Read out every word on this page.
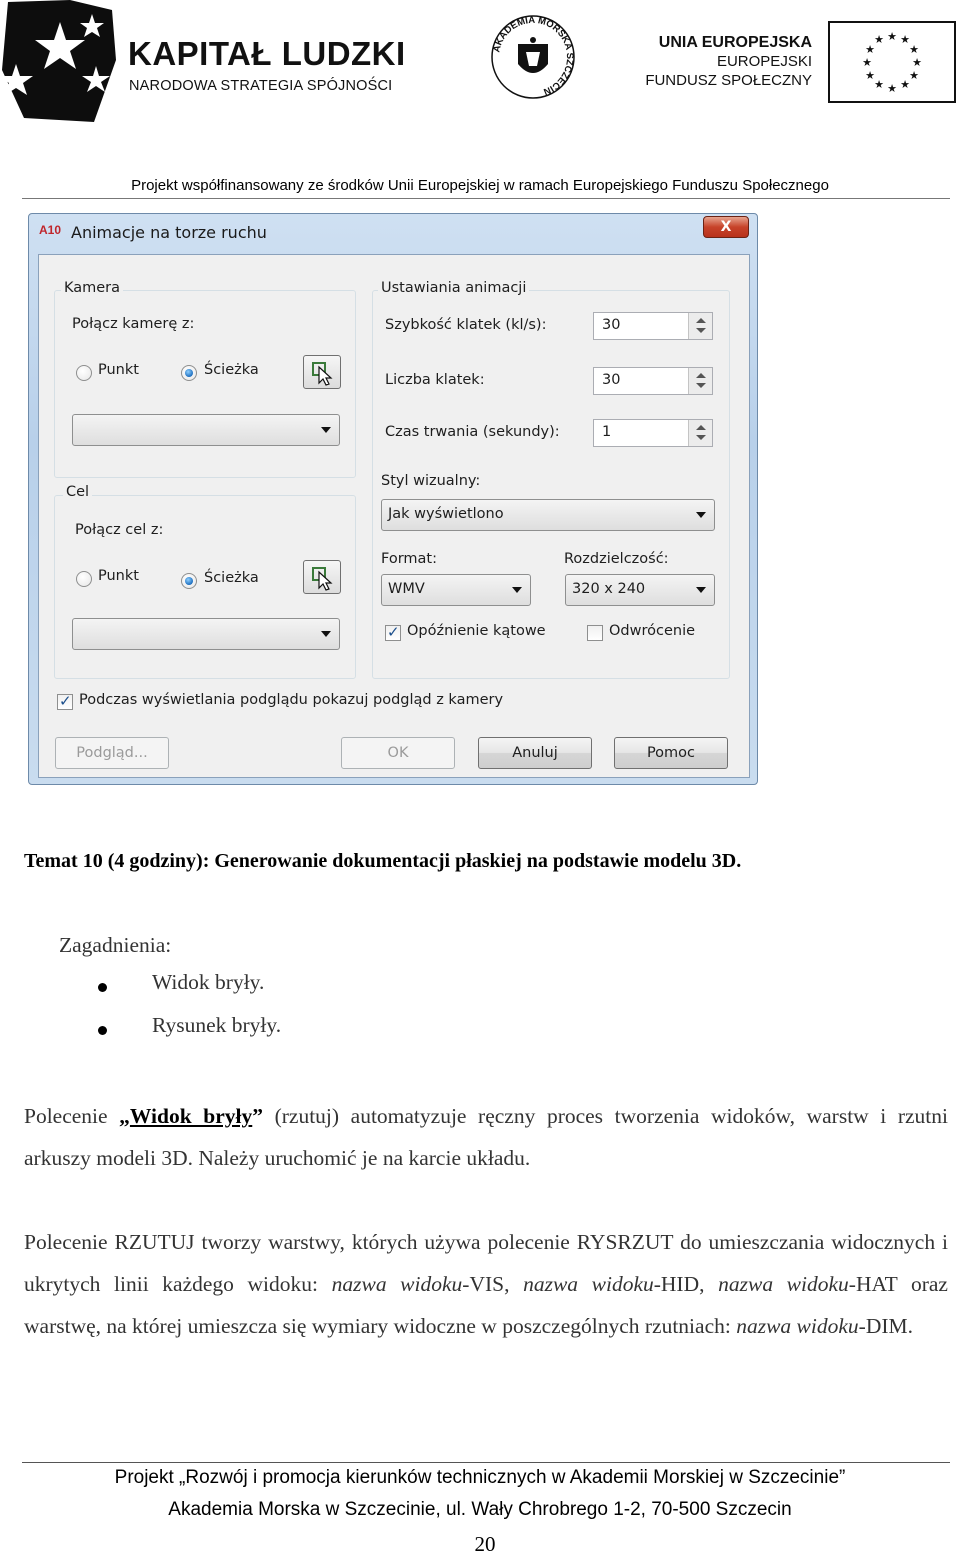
KAPITAŁ LUDZKI
NARODOWA STRATEGIA SPÓJNOŚCI
AKADEMIA MORSKA SZCZECIN
UNIA EUROPEJSKA
EUROPEJSKI
FUNDUSZ SPOŁECZNY
★ ★
★
★
★
★
★
★
★
★
★
★
Projekt współfinansowany ze środków Unii Europejskiej w ramach Europejskiego Funduszu Społecznego
A10 Animacje na torze ruchu	X
Kamera
Połącz kamerę z:
Punkt	Ścieżka
Cel
Połącz cel z:
Punkt	Ścieżka
Ustawiania animacji
Szybkość klatek (kl/s):	30
Liczba klatek:	30
Czas trwania (sekundy):	1
Styl wizualny:
Jak wyświetlono
Format:
WMV
Rozdzielczość:
320 x 240
✓
Opóźnienie kątowe	Odwrócenie
✓
Podczas wyświetlania podglądu pokazuj podgląd z kamery
Podgląd...	OK	Anuluj	Pomoc
Temat 10 (4 godziny): Generowanie dokumentacji płaskiej na podstawie modelu 3D.
Zagadnienia:
Widok bryły.
Rysunek bryły.
Polecenie „Widok bryły” (rzutuj) automatyzuje ręczny proces tworzenia widoków, warstw i rzutni arkuszy modeli 3D. Należy uruchomić je na karcie układu.
Polecenie RZUTUJ tworzy warstwy, których używa polecenie RYSRZUT do umieszczania widocznych i ukrytych linii każdego widoku: nazwa widoku-VIS, nazwa widoku-HID, nazwa widoku-HAT oraz warstwę, na której umieszcza się wymiary widoczne w poszczególnych rzutniach: nazwa widoku-DIM.
Projekt „Rozwój i promocja kierunków technicznych w Akademii Morskiej w Szczecinie”
Akademia Morska w Szczecinie, ul. Wały Chrobrego 1-2, 70-500 Szczecin
20
